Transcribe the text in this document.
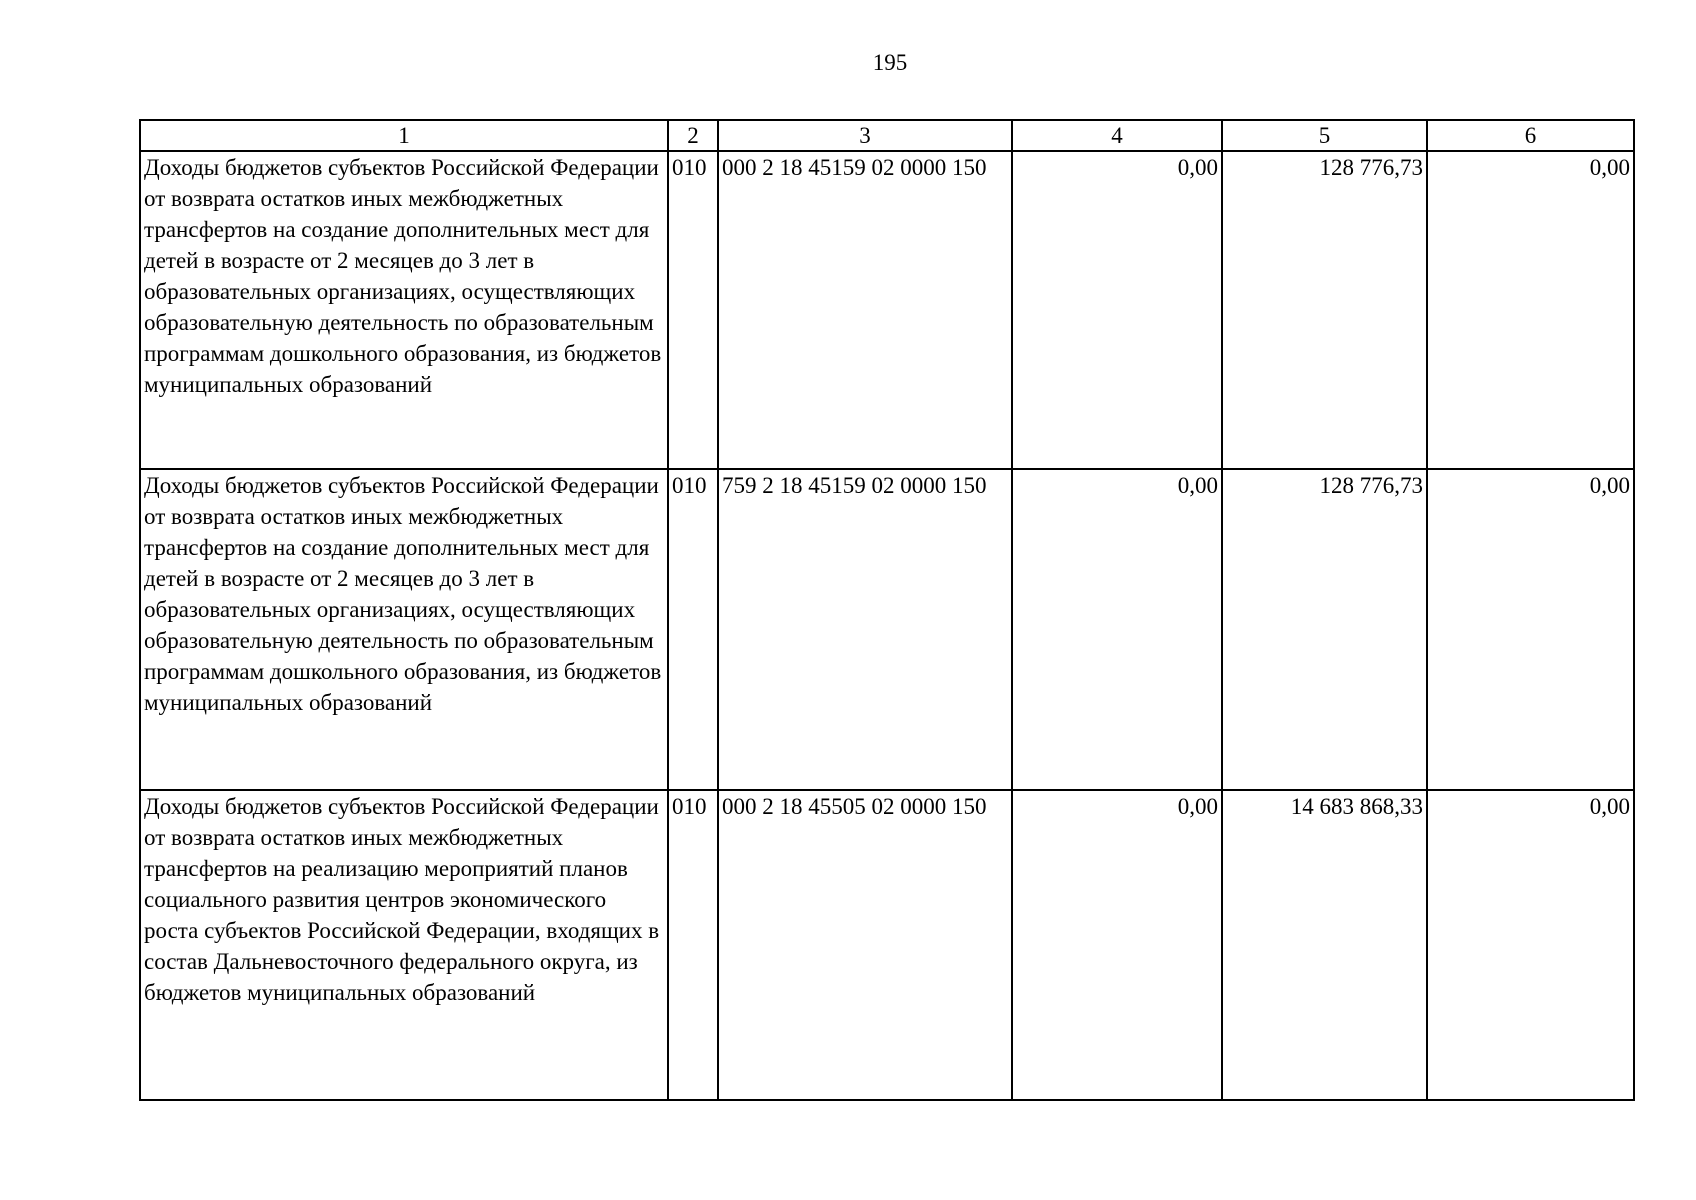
195
1	2	3	4	5	6
Доходы бюджетов субъектов Российской Федерации от возврата остатков иных межбюджетных трансфертов на создание дополнительных мест для детей в возрасте от 2 месяцев до 3 лет в образовательных организациях, осуществляющих образовательную деятельность по образовательным программам дошкольного образования, из бюджетов муниципальных образований	010	000 2 18 45159 02 0000 150	0,00	128 776,73	0,00
Доходы бюджетов субъектов Российской Федерации от возврата остатков иных межбюджетных трансфертов на создание дополнительных мест для детей в возрасте от 2 месяцев до 3 лет в образовательных организациях, осуществляющих образовательную деятельность по образовательным программам дошкольного образования, из бюджетов муниципальных образований	010	759 2 18 45159 02 0000 150	0,00	128 776,73	0,00
Доходы бюджетов субъектов Российской Федерации от возврата остатков иных межбюджетных трансфертов на реализацию мероприятий планов социального развития центров экономического роста субъектов Российской Федерации, входящих в состав Дальневосточного федерального округа, из бюджетов муниципальных образований	010	000 2 18 45505 02 0000 150	0,00	14 683 868,33	0,00
